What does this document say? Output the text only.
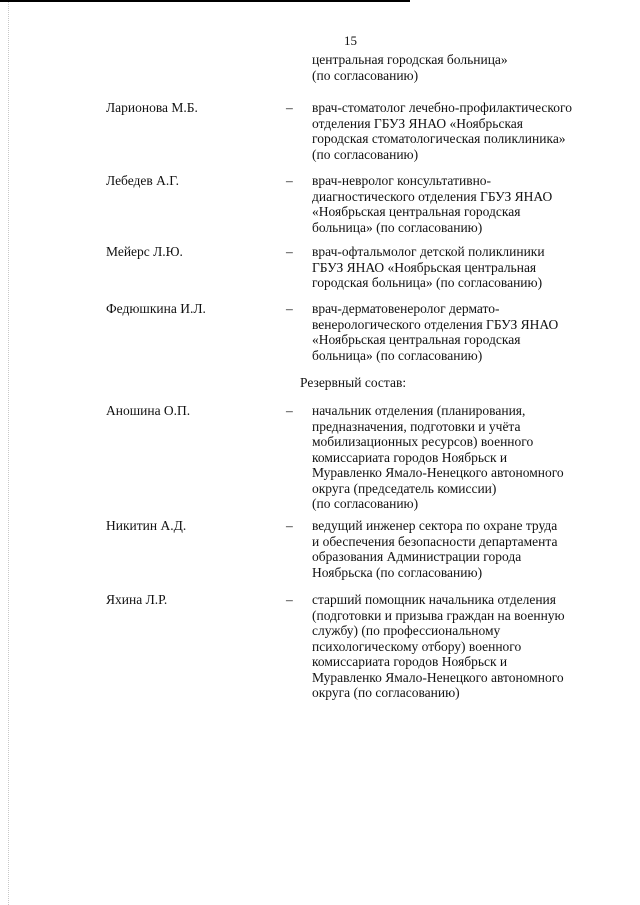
15
центральная городская больница»
(по согласованию)
Ларионова М.Б.	– врач-стоматолог лечебно-профилактического
отделения ГБУЗ ЯНАО «Ноябрьская
городская стоматологическая поликлиника»
(по согласованию)
Лебедев А.Г.	– врач-невролог консультативно-
диагностического отделения ГБУЗ ЯНАО
«Ноябрьская центральная городская
больница» (по согласованию)
Мейерс Л.Ю.	– врач-офтальмолог детской поликлиники
ГБУЗ ЯНАО «Ноябрьская центральная
городская больница» (по согласованию)
Федюшкина И.Л.	– врач-дерматовенеролог дермато-
венерологического отделения ГБУЗ ЯНАО
«Ноябрьская центральная городская
больница» (по согласованию)
Резервный состав:
Аношина О.П.	– начальник отделения (планирования,
предназначения, подготовки и учёта
мобилизационных ресурсов) военного
комиссариата городов Ноябрьск и
Муравленко Ямало-Ненецкого автономного
округа (председатель комиссии)
(по согласованию)
Никитин А.Д.	– ведущий инженер сектора по охране труда
и обеспечения безопасности департамента
образования Администрации города
Ноябрьска (по согласованию)
Яхина Л.Р.	– старший помощник начальника отделения
(подготовки и призыва граждан на военную
службу) (по профессиональному
психологическому отбору) военного
комиссариата городов Ноябрьск и
Муравленко Ямало-Ненецкого автономного
округа (по согласованию)
